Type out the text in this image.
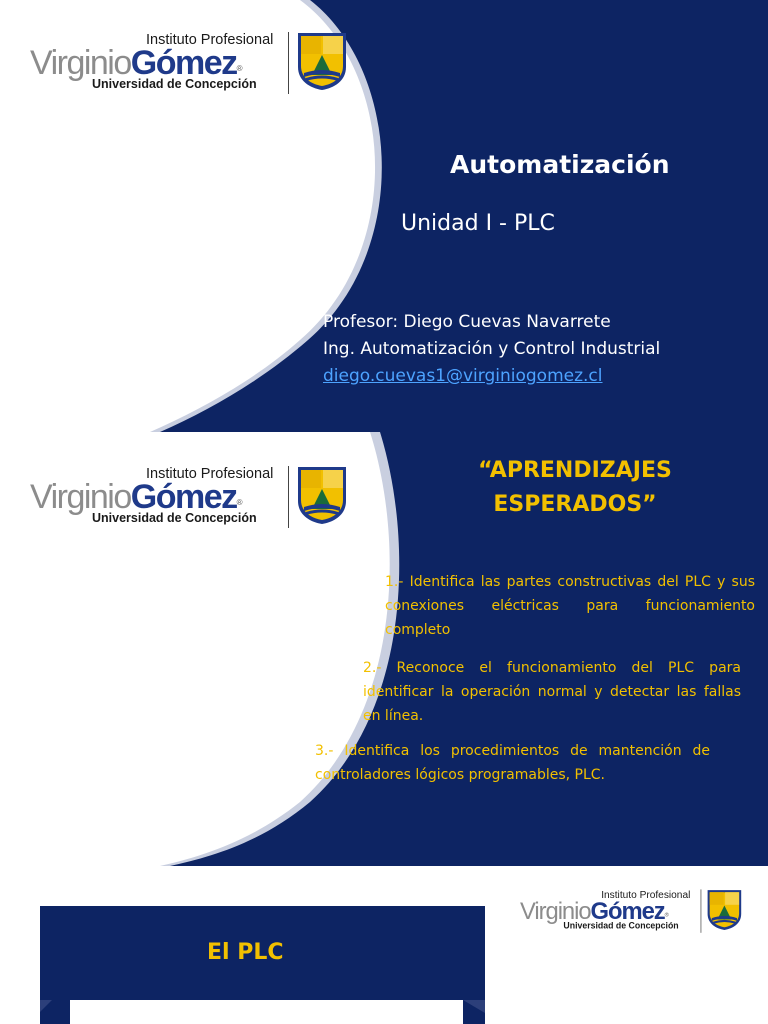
Instituto Profesional
VirginioGómez$_®$
Universidad de Concepción
Automatización
Unidad I - PLC
Profesor: Diego Cuevas Navarrete
Ing. Automatización y Control Industrial
diego.cuevas1@virginiogomez.cl
Instituto Profesional
VirginioGómez$_®$
Universidad de Concepción
“APRENDIZAJES
ESPERADOS”
1.- Identifica las partes constructivas del PLC y sus conexiones eléctricas para funcionamiento completo
2.- Reconoce el funcionamiento del PLC para identificar la operación normal y detectar las fallas en línea.
3.- Identifica los procedimientos de mantención de controladores lógicos programables, PLC.
Instituto Profesional
VirginioGómez$_®$
Universidad de Concepción
El PLC
